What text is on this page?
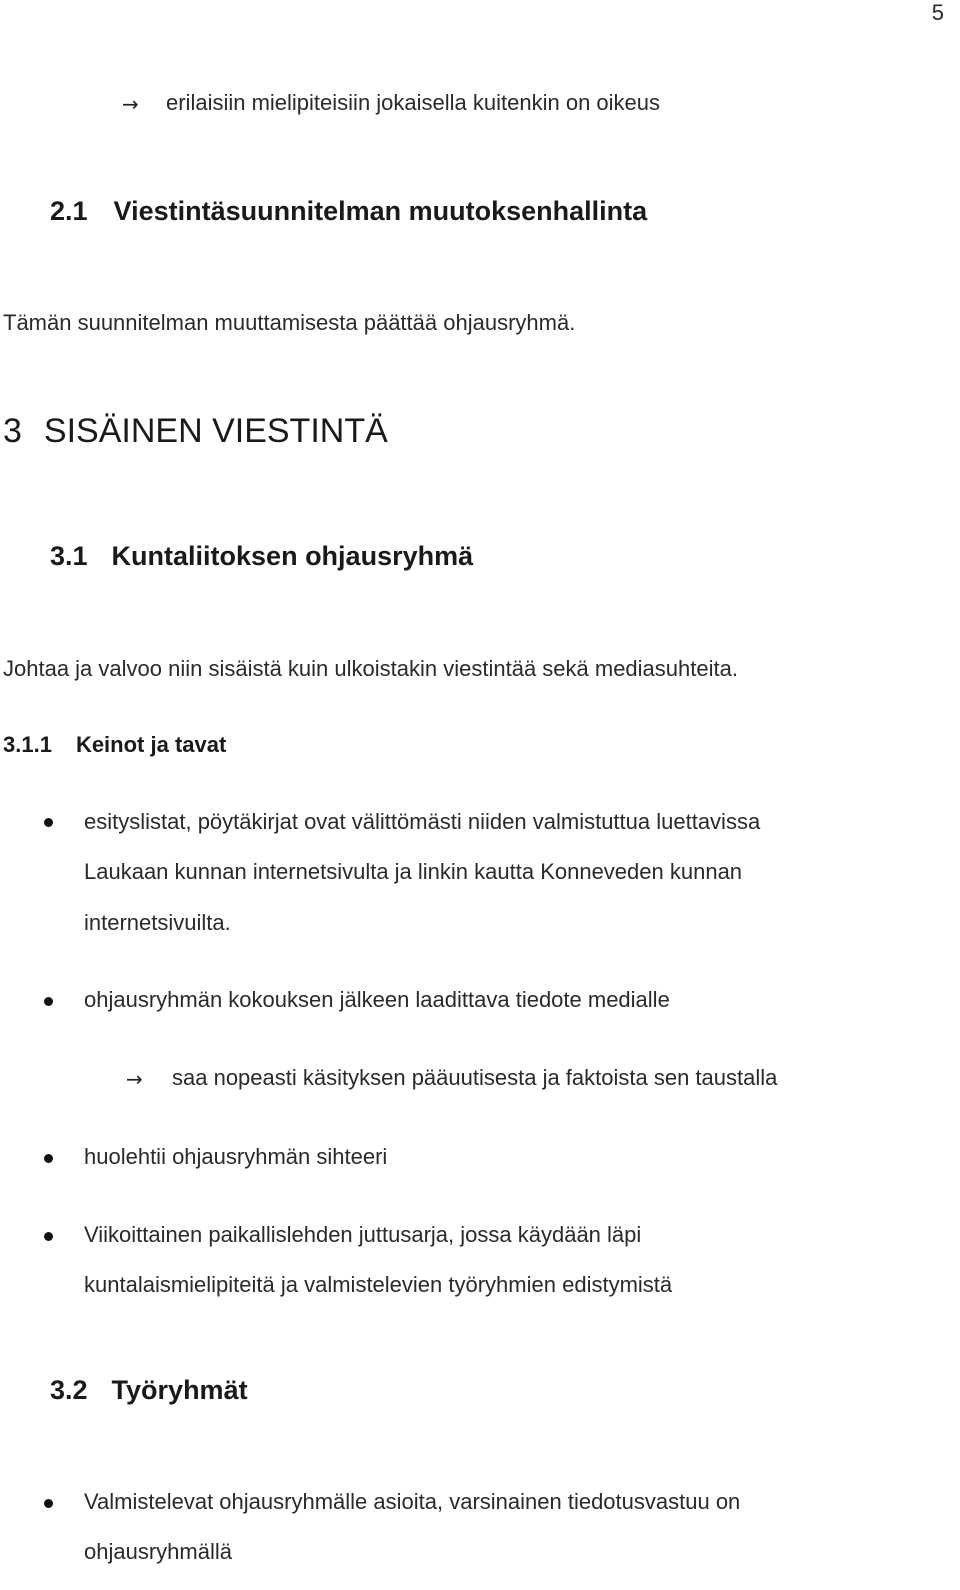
5
→ erilaisiin mielipiteisiin jokaisella kuitenkin on oikeus
2.1 Viestintäsuunnitelman muutoksenhallinta
Tämän suunnitelman muuttamisesta päättää ohjausryhmä.
3 SISÄINEN VIESTINTÄ
3.1 Kuntaliitoksen ohjausryhmä
Johtaa ja valvoo niin sisäistä kuin ulkoistakin viestintää sekä mediasuhteita.
3.1.1 Keinot ja tavat
esityslistat, pöytäkirjat ovat välittömästi niiden valmistuttua luettavissa
Laukaan kunnan internetsivulta ja linkin kautta Konneveden kunnan
internetsivuilta.
ohjausryhmän kokouksen jälkeen laadittava tiedote medialle
→ saa nopeasti käsityksen pääuutisesta ja faktoista sen taustalla
huolehtii ohjausryhmän sihteeri
Viikoittainen paikallislehden juttusarja, jossa käydään läpi
kuntalaismielipiteitä ja valmistelevien työryhmien edistymistä
3.2 Työryhmät
Valmistelevat ohjausryhmälle asioita, varsinainen tiedotusvastuu on
ohjausryhmällä
